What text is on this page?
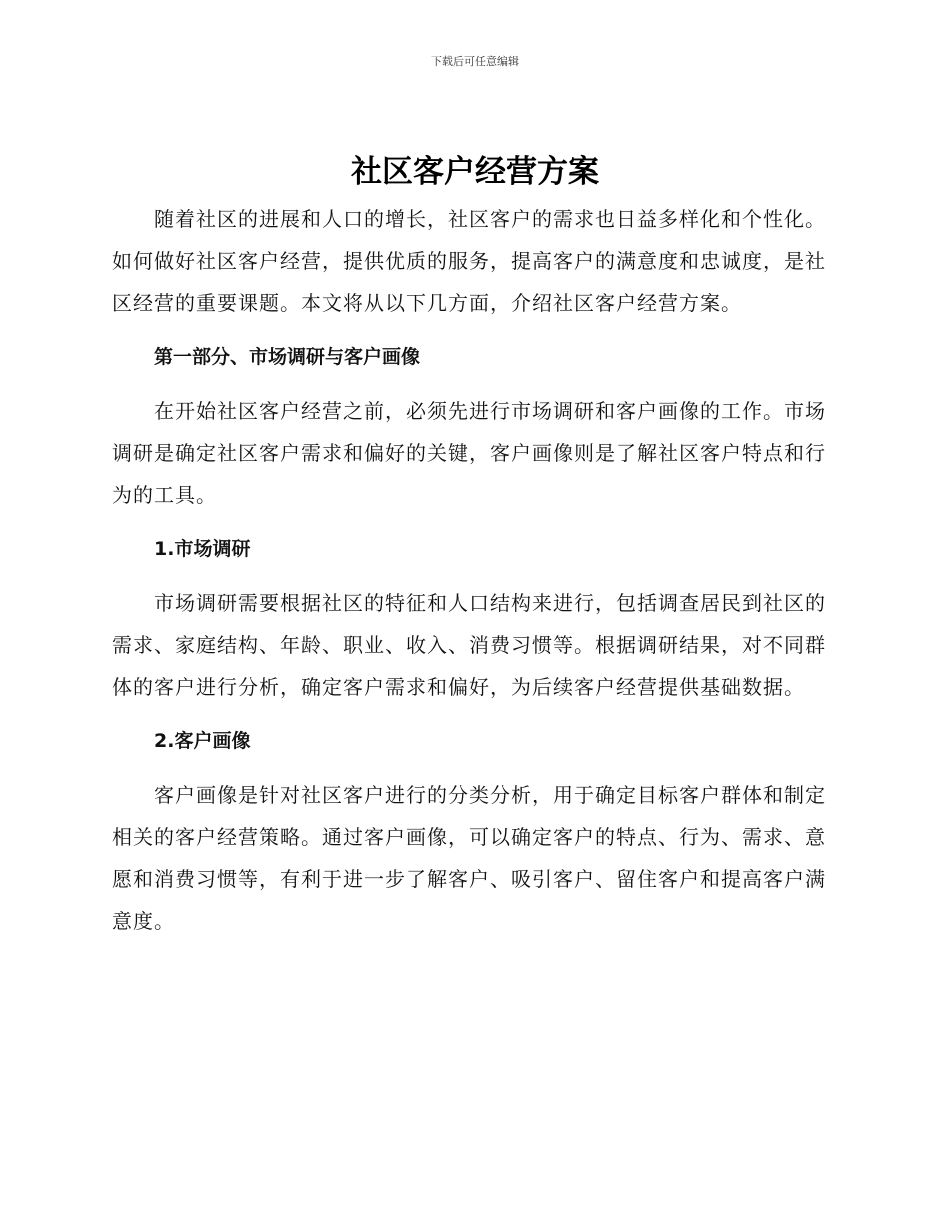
下载后可任意编辑
社区客户经营方案

随着社区的进展和人口的增长，社区客户的需求也日益多样化和个性化。如何做好社区客户经营，提供优质的服务，提高客户的满意度和忠诚度，是社区经营的重要课题。本文将从以下几方面，介绍社区客户经营方案。

第一部分、市场调研与客户画像

在开始社区客户经营之前，必须先进行市场调研和客户画像的工作。市场调研是确定社区客户需求和偏好的关键，客户画像则是了解社区客户特点和行为的工具。

1.市场调研

市场调研需要根据社区的特征和人口结构来进行，包括调查居民到社区的需求、家庭结构、年龄、职业、收入、消费习惯等。根据调研结果，对不同群体的客户进行分析，确定客户需求和偏好，为后续客户经营提供基础数据。

2.客户画像

客户画像是针对社区客户进行的分类分析，用于确定目标客户群体和制定相关的客户经营策略。通过客户画像，可以确定客户的特点、行为、需求、意愿和消费习惯等，有利于进一步了解客户、吸引客户、留住客户和提高客户满意度。
